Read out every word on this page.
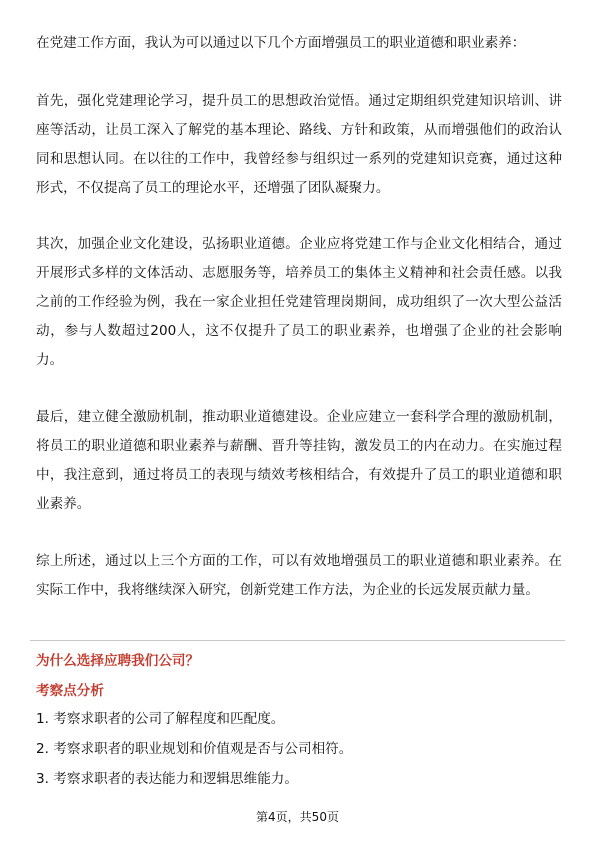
在党建工作方面，我认为可以通过以下几个方面增强员工的职业道德和职业素养：

首先，强化党建理论学习，提升员工的思想政治觉悟。通过定期组织党建知识培训、讲座等活动，让员工深入了解党的基本理论、路线、方针和政策，从而增强他们的政治认同和思想认同。在以往的工作中，我曾经参与组织过一系列的党建知识竞赛，通过这种形式，不仅提高了员工的理论水平，还增强了团队凝聚力。

其次，加强企业文化建设，弘扬职业道德。企业应将党建工作与企业文化相结合，通过开展形式多样的文体活动、志愿服务等，培养员工的集体主义精神和社会责任感。以我之前的工作经验为例，我在一家企业担任党建管理岗期间，成功组织了一次大型公益活动，参与人数超过200人，这不仅提升了员工的职业素养，也增强了企业的社会影响力。

最后，建立健全激励机制，推动职业道德建设。企业应建立一套科学合理的激励机制，将员工的职业道德和职业素养与薪酬、晋升等挂钩，激发员工的内在动力。在实施过程中，我注意到，通过将员工的表现与绩效考核相结合，有效提升了员工的职业道德和职业素养。

综上所述，通过以上三个方面的工作，可以有效地增强员工的职业道德和职业素养。在实际工作中，我将继续深入研究，创新党建工作方法，为企业的长远发展贡献力量。

为什么选择应聘我们公司？
考察点分析
1. 考察求职者的公司了解程度和匹配度。
2. 考察求职者的职业规划和价值观是否与公司相符。
3. 考察求职者的表达能力和逻辑思维能力。
第4页，共50页
